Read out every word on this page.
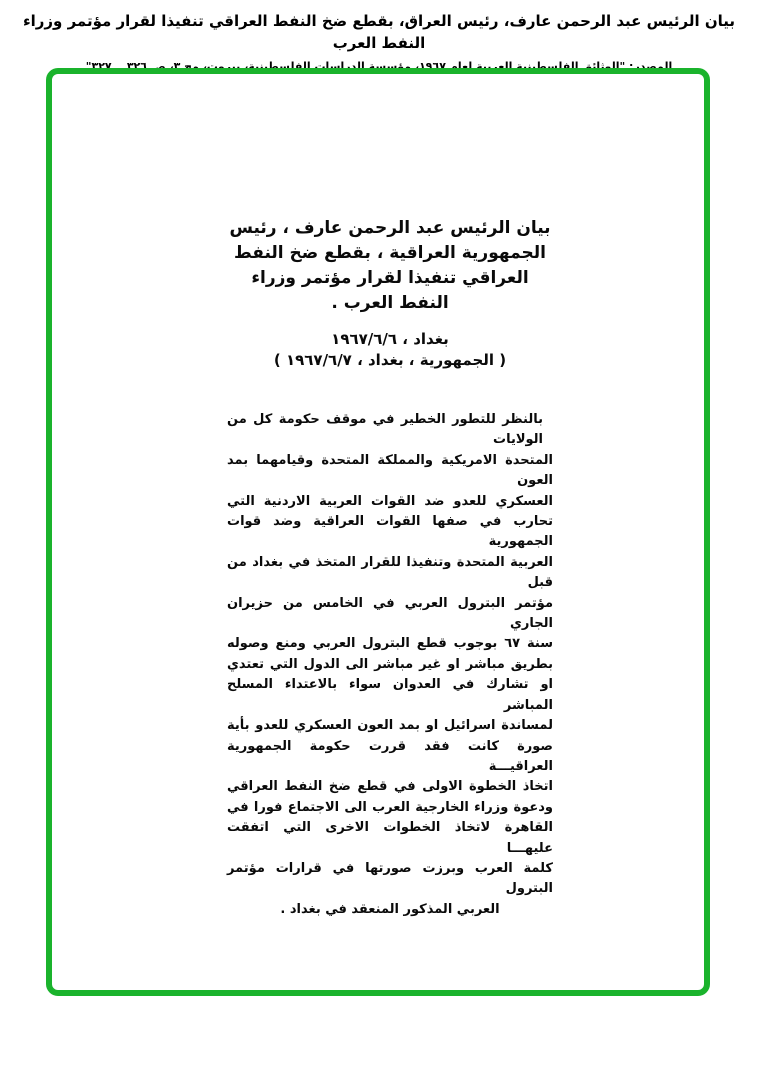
بيان الرئيس عبد الرحمن عارف، رئيس العراق، بقطع ضخ النفط العراقي تنفيذا لقرار مؤتمر وزراء النفط العرب
المصدر: "الوثائق الفلسطينية العربية لعام ١٩٦٧، مؤسسة الدراسات الفلسطينية، بيروت، مج ٣، ص ٣٢٦ ــ ٣٢٧"
بيان الرئيس عبد الرحمن عارف ، رئيس
الجمهورية العراقية ، بقطع ضخ النفط
العراقي تنفيذا لقرار مؤتمر وزراء
النفط العرب .
بغداد ، ١٩٦٧/٦/٦
( الجمهورية ، بغداد ، ١٩٦٧/٦/٧ )
بالنظر للتطور الخطير في موقف حكومة كل من الولايات
المتحدة الامريكية والمملكة المتحدة وقيامهما بمد العون
العسكري للعدو ضد القوات العربية الاردنية التي
تحارب في صفها القوات العراقية وضد قوات الجمهورية
العربية المتحدة وتنفيذا للقرار المتخذ في بغداد من قبل
مؤتمر البترول العربي في الخامس من حزيران الجاري
سنة ٦٧ بوجوب قطع البترول العربي ومنع وصوله
بطريق مباشر او غير مباشر الى الدول التي تعتدي
او تشارك في العدوان سواء بالاعتداء المسلح المباشر
لمساندة اسرائيل او بمد العون العسكري للعدو بأية
صورة كانت فقد قررت حكومة الجمهورية العراقيـــة
اتخاذ الخطوة الاولى في قطع ضخ النفط العراقي
ودعوة وزراء الخارجية العرب الى الاجتماع فورا في
القاهرة لاتخاذ الخطوات الاخرى التي اتفقت عليهـــا
كلمة العرب وبرزت صورتها في قرارات مؤتمر البترول
العربي المذكور المنعقد في بغداد .
